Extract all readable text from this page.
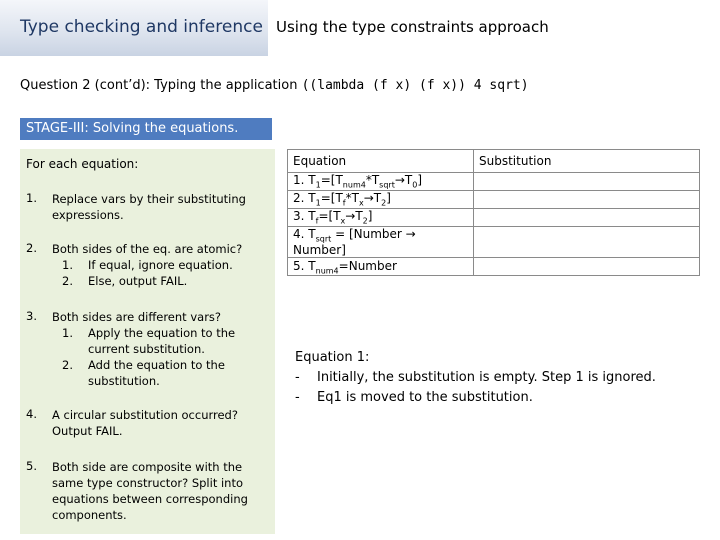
Type checking and inference Using the type constraints approach
Question 2 (cont’d): Typing the application ((lambda (f x) (f x)) 4 sqrt)
STAGE-III: Solving the equations.
For each equation:
1. Replace vars by their substituting expressions.
2. Both sides of the eq. are atomic?
1.	If equal, ignore equation.
2.	Else, output FAIL.
3. Both sides are different vars?
1.	Apply the equation to the current substitution.
2.	Add the equation to the substitution.
4. A circular substitution occurred? Output FAIL.
5. Both side are composite with the same type constructor? Split into equations between corresponding components.
Equation	Substitution
1. $T_1=[T_{num4}*T_{sqrt}\to T_0]$	
2. $T_1=[T_f*T_x\to T_2]$	
3. $T_f=[T_x\to T_2]$	
4. $T_{sqrt}$ = [Number → Number]	
5. $T_{num4}=Number$	
Equation 1:
-	Initially, the substitution is empty. Step 1 is ignored.
-	Eq1 is moved to the substitution.
